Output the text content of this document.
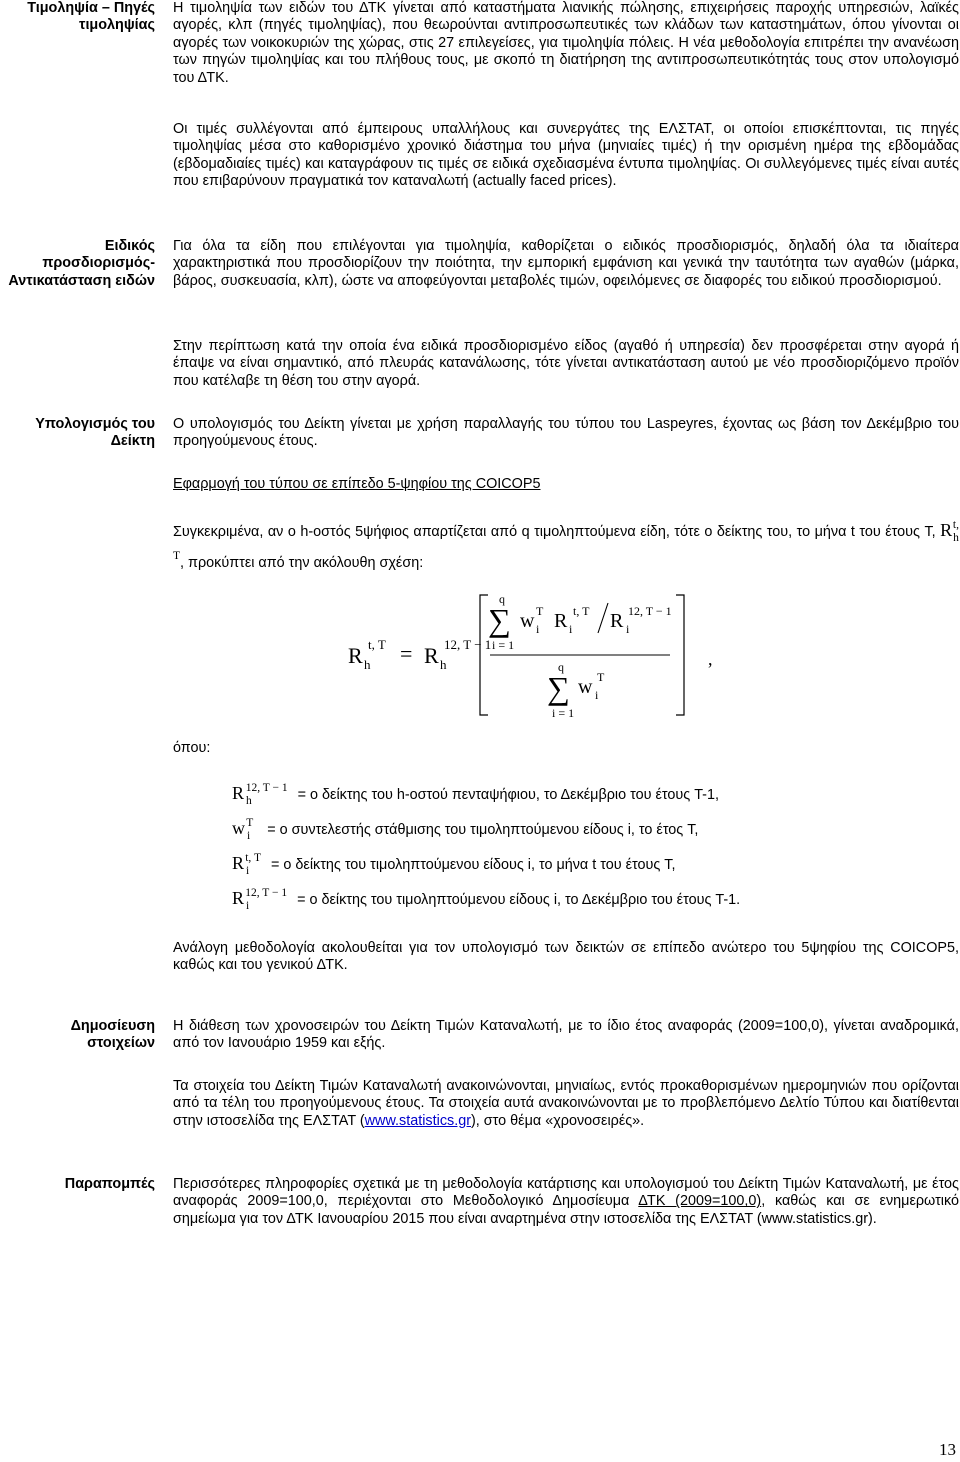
Τιμοληψία – Πηγές τιμοληψίας
Η τιμοληψία των ειδών του ΔΤΚ γίνεται από καταστήματα λιανικής πώλησης, επιχειρήσεις παροχής υπηρεσιών, λαϊκές αγορές, κλπ (πηγές τιμοληψίας), που θεωρούνται αντιπροσωπευτικές των κλάδων των καταστημάτων, όπου γίνονται οι αγορές των νοικοκυριών της χώρας, στις 27 επιλεγείσες, για τιμοληψία πόλεις. Η νέα μεθοδολογία επιτρέπει την ανανέωση των πηγών τιμοληψίας και του πλήθους τους, με σκοπό τη διατήρηση της αντιπροσωπευτικότητάς τους στον υπολογισμό του ΔΤΚ.
Οι τιμές συλλέγονται από έμπειρους υπαλλήλους και συνεργάτες της ΕΛΣΤΑΤ, οι οποίοι επισκέπτονται, τις πηγές τιμοληψίας μέσα στο καθορισμένο χρονικό διάστημα του μήνα (μηνιαίες τιμές) ή την ορισμένη ημέρα της εβδομάδας (εβδομαδιαίες τιμές) και καταγράφουν τις τιμές σε ειδικά σχεδιασμένα έντυπα τιμοληψίας. Οι συλλεγόμενες τιμές είναι αυτές που επιβαρύνουν πραγματικά τον καταναλωτή (actually faced prices).
Ειδικός προσδιορισμός- Αντικατάσταση ειδών
Για όλα τα είδη που επιλέγονται για τιμοληψία, καθορίζεται ο ειδικός προσδιορισμός, δηλαδή όλα τα ιδιαίτερα χαρακτηριστικά που προσδιορίζουν την ποιότητα, την εμπορική εμφάνιση και γενικά την ταυτότητα των αγαθών (μάρκα, βάρος, συσκευασία, κλπ), ώστε να αποφεύγονται μεταβολές τιμών, οφειλόμενες σε διαφορές του ειδικού προσδιορισμού.
Στην περίπτωση κατά την οποία ένα ειδικά προσδιορισμένο είδος (αγαθό ή υπηρεσία) δεν προσφέρεται στην αγορά ή έπαψε να είναι σημαντικό, από πλευράς κατανάλωσης, τότε γίνεται αντικατάσταση αυτού με νέο προσδιοριζόμενο προϊόν που κατέλαβε τη θέση του στην αγορά.
Υπολογισμός του Δείκτη
Ο υπολογισμός του Δείκτη γίνεται με χρήση παραλλαγής του τύπου του Laspeyres, έχοντας ως βάση τον Δεκέμβριο του προηγούμενους έτους.
Εφαρμογή του τύπου σε επίπεδο 5-ψηφίου της COICOP5
Συγκεκριμένα, αν ο h-οστός 5ψήφιος απαρτίζεται από q τιμοληπτούμενα είδη, τότε ο δείκτης του, το μήνα t του έτους T, $R_h^{t, T}$, προκύπτει από την ακόλουθη σχέση:
R h
t, T = R h
12, T − 1
q
∑
i = 1
w i
T R i
t, T R i
12, T − 1
q
∑
i = 1
w i
T
,
όπου:
R $_h^{12, T - 1}$ = ο δείκτης του h-οστού πενταψήφιου, το Δεκέμβριο του έτους T-1,
w $_i^T$ = ο συντελεστής στάθμισης του τιμοληπτούμενου είδους i, το έτος T,
R $_i^{t, T}$ = ο δείκτης του τιμοληπτούμενου είδους i, το μήνα t του έτους T,
R $_i^{12, T - 1}$ = ο δείκτης του τιμοληπτούμενου είδους i, το Δεκέμβριο του έτους T-1.
Ανάλογη μεθοδολογία ακολουθείται για τον υπολογισμό των δεικτών σε επίπεδο ανώτερο του 5ψηφίου της COICOP5, καθώς και του γενικού ΔΤΚ.
Δημοσίευση στοιχείων
Η διάθεση των χρονοσειρών του Δείκτη Τιμών Καταναλωτή, με το ίδιο έτος αναφοράς (2009=100,0), γίνεται αναδρομικά, από τον Ιανουάριο 1959 και εξής.
Τα στοιχεία του Δείκτη Τιμών Καταναλωτή ανακοινώνονται, μηνιαίως, εντός προκαθορισμένων ημερομηνιών που ορίζονται από τα τέλη του προηγούμενους έτους. Τα στοιχεία αυτά ανακοινώνονται με το προβλεπόμενο Δελτίο Τύπου και διατίθενται στην ιστοσελίδα της ΕΛΣΤΑΤ (www.statistics.gr), στο θέμα «χρονοσειρές».
Παραπομπές Περισσότερες πληροφορίες σχετικά με τη μεθοδολογία κατάρτισης και υπολογισμού του Δείκτη Τιμών Καταναλωτή, με έτος αναφοράς 2009=100,0, περιέχονται στο Μεθοδολογικό Δημοσίευμα ΔΤΚ (2009=100,0), καθώς και σε ενημερωτικό σημείωμα για τον ΔΤΚ Ιανουαρίου 2015 που είναι αναρτημένα στην ιστοσελίδα της ΕΛΣΤΑΤ (www.statistics.gr).
13
